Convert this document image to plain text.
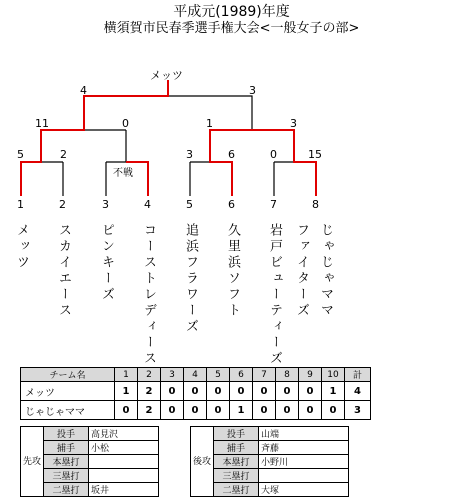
平成元(1989)年度
横須賀市民春季選手権大会<一般女子の部>
メッツ
4	3
11	0	1	3
5	2
不戦
3	6	0	15
1	2	3	4	5	6	7	8
メッツ スカイエース ピンキーズ コーストレディース 追浜フラワーズ 久里浜ソフト 岩戸ビューティーズ ファイターズ じゃじゃママ
チーム名	1	2	3	4	5	6	7	8	9	10	計
メッツ	1	2	0	0	0	0	0	0	0	1	4
じゃじゃママ	0	2	0	0	0	1	0	0	0	0	3
先攻	投手	高見沢
	捕手	小松
	本塁打	
	三塁打	
	二塁打	坂井
後攻	投手	山端
	捕手	斉藤
	本塁打	小野川
	三塁打	
	二塁打	大塚
